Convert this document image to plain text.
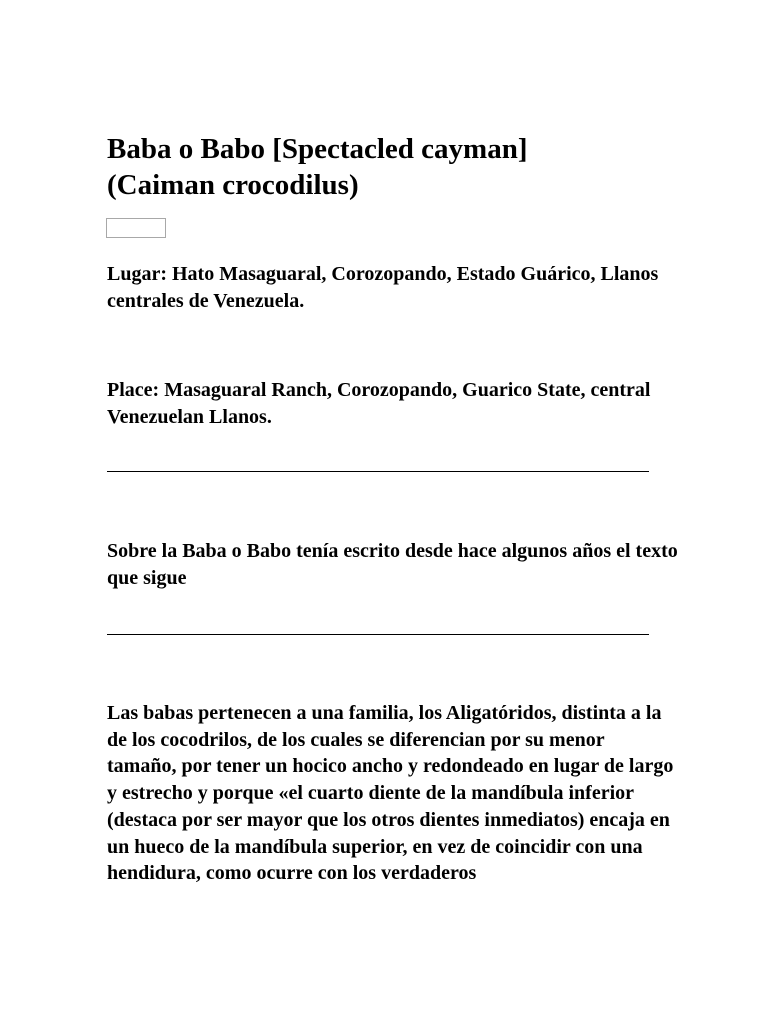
Baba o Babo [Spectacled cayman]
(Caiman crocodilus)

Lugar: Hato Masaguaral, Corozopando, Estado Guárico, Llanos centrales de Venezuela.

Place: Masaguaral Ranch, Corozopando, Guarico State, central Venezuelan Llanos.

Sobre la Baba o Babo tenía escrito desde hace algunos años el texto que sigue

Las babas pertenecen a una familia, los Aligatóridos, distinta a la de los cocodrilos, de los cuales se diferencian por su menor tamaño, por tener un hocico ancho y redondeado en lugar de largo y estrecho y porque «el cuarto diente de la mandíbula inferior (destaca por ser mayor que los otros dientes inmediatos) encaja en un hueco de la mandíbula superior, en vez de coincidir con una hendidura, como ocurre con los verdaderos
